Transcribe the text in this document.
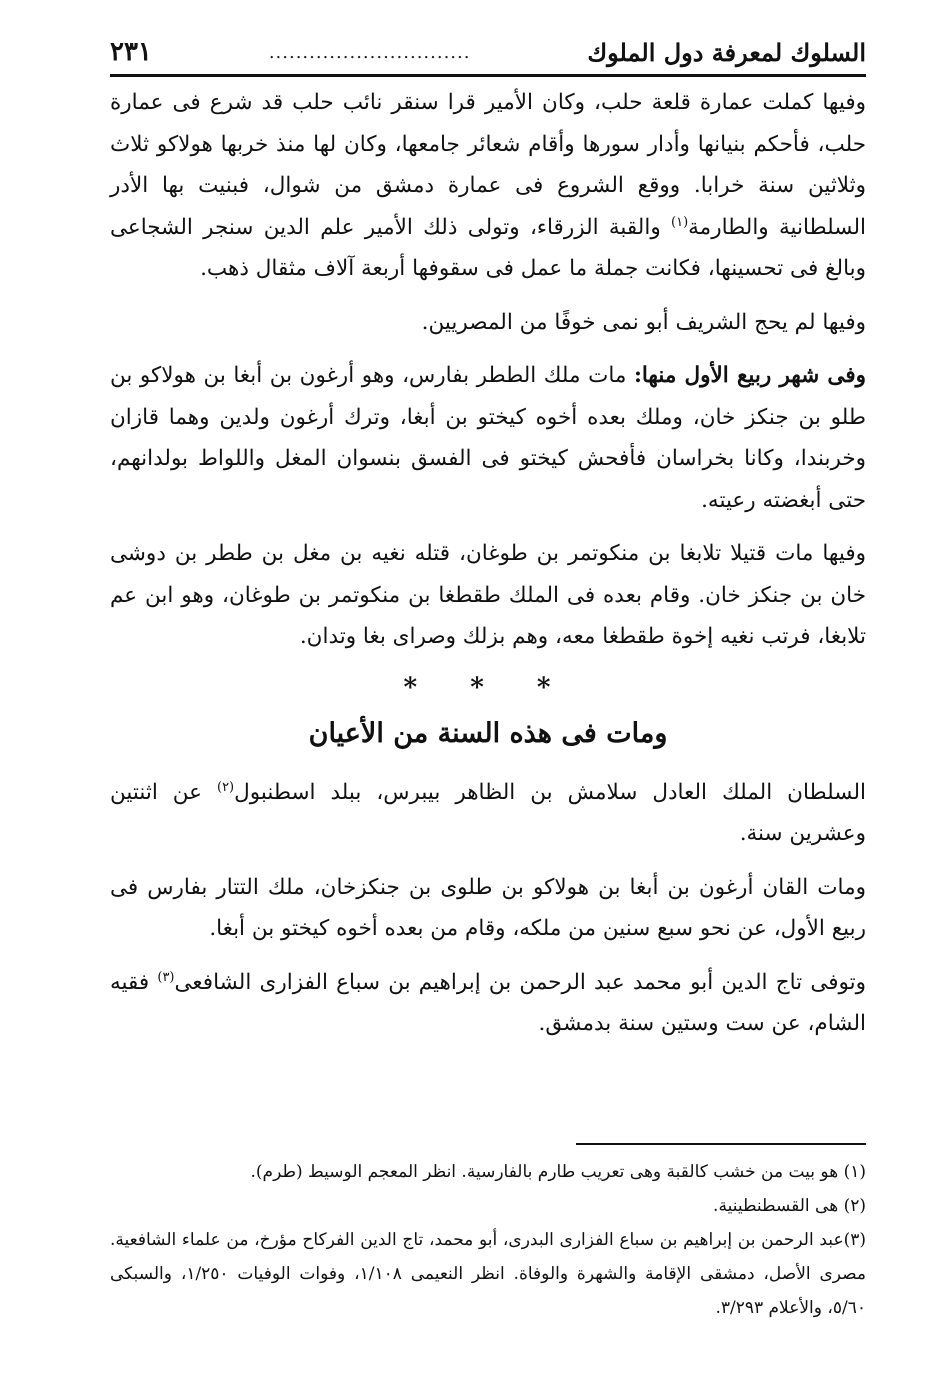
السلوك لمعرفة دول الملوك
..............................
٢٣١

وفيها كملت عمارة قلعة حلب، وكان الأمير قرا سنقر نائب حلب قد شرع فى عمارة حلب، فأحكم بنيانها وأدار سورها وأقام شعائر جامعها، وكان لها منذ خربها هولاكو ثلاث وثلاثين سنة خرابا. ووقع الشروع فى عمارة دمشق من شوال، فبنيت بها الأدر السلطانية والطارمة$^{(١)}$ والقبة الزرقاء، وتولى ذلك الأمير علم الدين سنجر الشجاعى وبالغ فى تحسينها، فكانت جملة ما عمل فى سقوفها أربعة آلاف مثقال ذهب.

وفيها لم يحج الشريف أبو نمى خوفًا من المصريين.

وفى شهر ربيع الأول منها: مات ملك الططر بفارس، وهو أرغون بن أبغا بن هولاكو بن طلو بن جنكز خان، وملك بعده أخوه كيختو بن أبغا، وترك أرغون ولدين وهما قازان وخربندا، وكانا بخراسان فأفحش كيختو فى الفسق بنسوان المغل واللواط بولدانهم، حتى أبغضته رعيته.

وفيها مات قتيلا تلابغا بن منكوتمر بن طوغان، قتله نغيه بن مغل بن ططر بن دوشى خان بن جنكز خان. وقام بعده فى الملك طقطغا بن منكوتمر بن طوغان، وهو ابن عم تلابغا، فرتب نغيه إخوة طقطغا معه، وهم بزلك وصراى بغا وتدان.

* * *
ومات فى هذه السنة من الأعيان

السلطان الملك العادل سلامش بن الظاهر بيبرس، ببلد اسطنبول$^{(٢)}$ عن اثنتين وعشرين سنة.

ومات القان أرغون بن أبغا بن هولاكو بن طلوى بن جنكزخان، ملك التتار بفارس فى ربيع الأول، عن نحو سبع سنين من ملكه، وقام من بعده أخوه كيختو بن أبغا.

وتوفى تاج الدين أبو محمد عبد الرحمن بن إبراهيم بن سباع الفزارى الشافعى$^{(٣)}$ فقيه الشام، عن ست وستين سنة بدمشق.

(١) هو بيت من خشب كالقبة وهى تعريب طارم بالفارسية. انظر المعجم الوسيط (طرم).

(٢) هى القسطنطينية.

(٣)عبد الرحمن بن إبراهيم بن سباع الفزارى البدرى، أبو محمد، تاج الدين الفركاح مؤرخ، من علماء الشافعية. مصرى الأصل، دمشقى الإقامة والشهرة والوفاة. انظر النعيمى ١/١٠٨، وفوات الوفيات ١/٢٥٠، والسبكى ٥/٦٠، والأعلام ٣/٢٩٣.
